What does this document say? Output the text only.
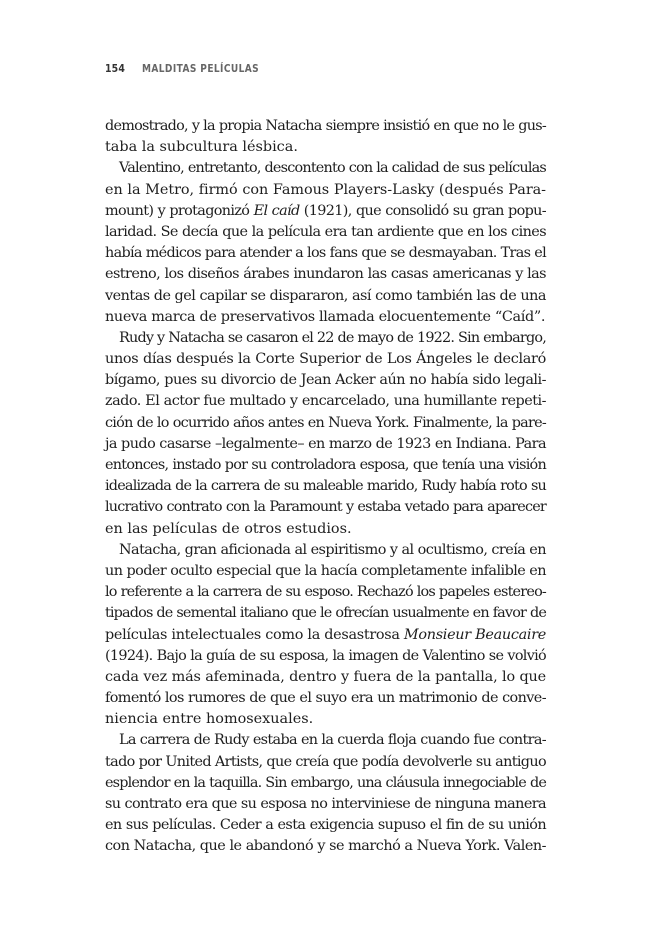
154	MALDITAS PELÍCULAS
demostrado, y la propia Natacha siempre insistió en que no le gus-
taba la subcultura lésbica.
Valentino, entretanto, descontento con la calidad de sus películas
en la Metro, firmó con Famous Players-Lasky (después Para-
mount) y protagonizó El caíd (1921), que consolidó su gran popu-
laridad. Se decía que la película era tan ardiente que en los cines
había médicos para atender a los fans que se desmayaban. Tras el
estreno, los diseños árabes inundaron las casas americanas y las
ventas de gel capilar se dispararon, así como también las de una
nueva marca de preservativos llamada elocuentemente “Caíd”.
Rudy y Natacha se casaron el 22 de mayo de 1922. Sin embargo,
unos días después la Corte Superior de Los Ángeles le declaró
bígamo, pues su divorcio de Jean Acker aún no había sido legali-
zado. El actor fue multado y encarcelado, una humillante repeti-
ción de lo ocurrido años antes en Nueva York. Finalmente, la pare-
ja pudo casarse –legalmente– en marzo de 1923 en Indiana. Para
entonces, instado por su controladora esposa, que tenía una visión
idealizada de la carrera de su maleable marido, Rudy había roto su
lucrativo contrato con la Paramount y estaba vetado para aparecer
en las películas de otros estudios.
Natacha, gran aficionada al espiritismo y al ocultismo, creía en
un poder oculto especial que la hacía completamente infalible en
lo referente a la carrera de su esposo. Rechazó los papeles estereo-
tipados de semental italiano que le ofrecían usualmente en favor de
películas intelectuales como la desastrosa Monsieur Beaucaire
(1924). Bajo la guía de su esposa, la imagen de Valentino se volvió
cada vez más afeminada, dentro y fuera de la pantalla, lo que
fomentó los rumores de que el suyo era un matrimonio de conve-
niencia entre homosexuales.
La carrera de Rudy estaba en la cuerda floja cuando fue contra-
tado por United Artists, que creía que podía devolverle su antiguo
esplendor en la taquilla. Sin embargo, una cláusula innegociable de
su contrato era que su esposa no interviniese de ninguna manera
en sus películas. Ceder a esta exigencia supuso el fin de su unión
con Natacha, que le abandonó y se marchó a Nueva York. Valen-
